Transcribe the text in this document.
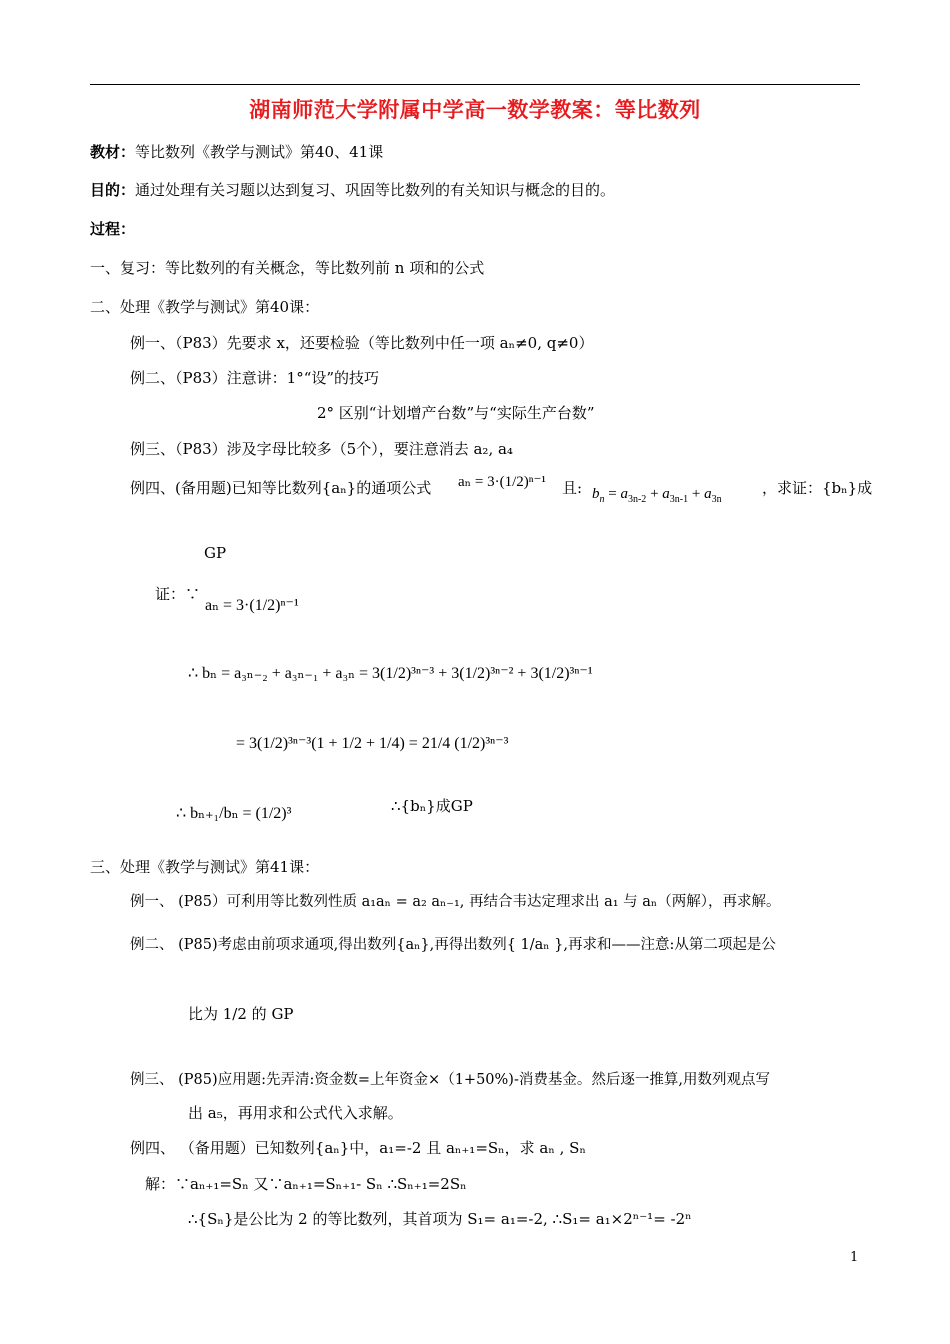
湖南师范大学附属中学高一数学教案：等比数列
教材：等比数列《教学与测试》第40、41课
目的：通过处理有关习题以达到复习、巩固等比数列的有关知识与概念的目的。
过程：
一、复习：等比数列的有关概念，等比数列前 n 项和的公式
二、处理《教学与测试》第40课：
例一、（P83）先要求 x，还要检验（等比数列中任一项 aₙ≠0, q≠0）
例二、（P83）注意讲：1°“设”的技巧
2° 区别“计划增产台数”与“实际生产台数”
例三、（P83）涉及字母比较多（5个），要注意消去 a₂, a₄
例四、(备用题)已知等比数列{aₙ}的通项公式 aₙ = 3·(1/2)ⁿ⁻¹	且: $b_n = a_{3n-2} + a_{3n-1} + a_{3n}$
，求证：{bₙ}成
GP
证：∵
aₙ = 3·(1/2)ⁿ⁻¹
∴ bₙ = a₃ₙ₋₂ + a₃ₙ₋₁ + a₃ₙ = 3(1/2)³ⁿ⁻³ + 3(1/2)³ⁿ⁻² + 3(1/2)³ⁿ⁻¹
= 3(1/2)³ⁿ⁻³(1 + 1/2 + 1/4) = 21/4 (1/2)³ⁿ⁻³
∴ bₙ₊₁/bₙ = (1/2)³	∴{bₙ}成GP
三、处理《教学与测试》第41课：
例一、 (P85）可利用等比数列性质 a₁aₙ = a₂ aₙ₋₁, 再结合韦达定理求出 a₁ 与 aₙ（两解），再求解。
例二、 (P85)考虑由前项求通项,得出数列{aₙ},再得出数列{ 1/aₙ },再求和——注意:从第二项起是公
比为 1/2 的 GP
例三、 (P85)应用题:先弄清:资金数=上年资金×（1+50%)-消费基金。然后逐一推算,用数列观点写
出 a₅，再用求和公式代入求解。
例四、 （备用题）已知数列{aₙ}中，a₁=-2 且 aₙ₊₁=Sₙ，求 aₙ , Sₙ
解：∵aₙ₊₁=Sₙ 又∵aₙ₊₁=Sₙ₊₁- Sₙ ∴Sₙ₊₁=2Sₙ
∴{Sₙ}是公比为 2 的等比数列，其首项为 S₁= a₁=-2, ∴S₁= a₁×2ⁿ⁻¹= -2ⁿ
1
